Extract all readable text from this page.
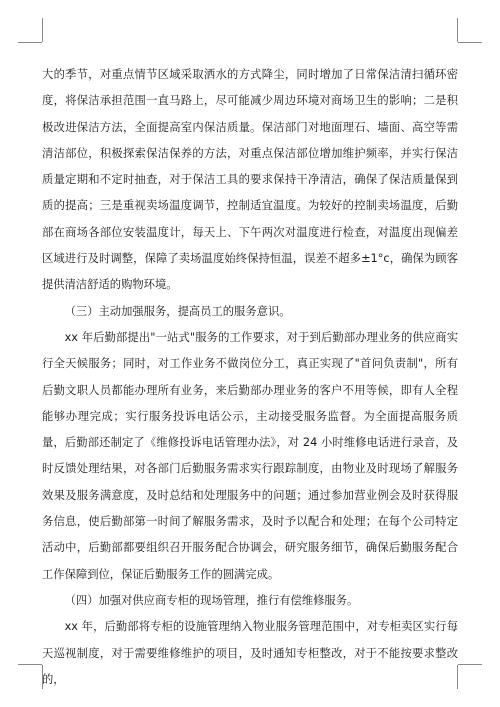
大的季节，对重点情节区域采取洒水的方式降尘，同时增加了日常保洁清扫循环密度，将保洁承担范围一直马路上，尽可能减少周边环境对商场卫生的影响；二是积极改进保洁方法，全面提高室内保洁质量。保洁部门对地面理石、墙面、高空等需清洁部位，积极探索保洁保养的方法，对重点保洁部位增加维护频率，并实行保洁质量定期和不定时抽查，对于保洁工具的要求保持干净清洁，确保了保洁质量保到质的提高；三是重视卖场温度调节，控制适宜温度。为较好的控制卖场温度，后勤部在商场各部位安装温度计，每天上、下午两次对温度进行检查，对温度出现偏差区域进行及时调整，保障了卖场温度始终保持恒温，误差不超多±1°c，确保为顾客提供清洁舒适的购物环境。

（三）主动加强服务，提高员工的服务意识。

xx 年后勤部提出"一站式"服务的工作要求，对于到后勤部办理业务的供应商实行全天候服务；同时，对工作业务不做岗位分工，真正实现了"首问负责制"，所有后勤文职人员都能办理所有业务，来后勤部办理业务的客户不用等候，即有人全程能够办理完成；实行服务投诉电话公示，主动接受服务监督。为全面提高服务质量，后勤部还制定了《维修投诉电话管理办法》，对 24 小时维修电话进行录音，及时反馈处理结果，对各部门后勤服务需求实行跟踪制度，由物业及时现场了解服务效果及服务满意度，及时总结和处理服务中的问题；通过参加营业例会及时获得服务信息，使后勤部第一时间了解服务需求，及时予以配合和处理；在每个公司特定活动中，后勤部都要组织召开服务配合协调会，研究服务细节，确保后勤服务配合工作保障到位，保证后勤服务工作的圆满完成。

（四）加强对供应商专柜的现场管理，推行有偿维修服务。

xx 年，后勤部将专柜的设施管理纳入物业服务管理范围中，对专柜卖区实行每天巡视制度，对于需要维修维护的项目，及时通知专柜整改，对于不能按要求整改的，
